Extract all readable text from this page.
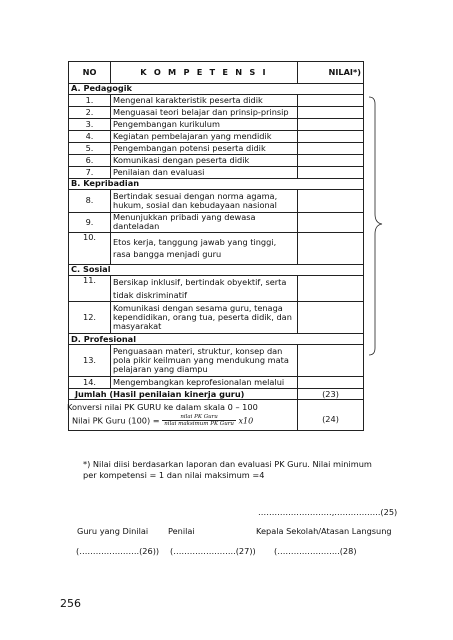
NO	K O M P E T E N S I	NILAI*)
A. Pedagogik		
1.	Mengenal karakteristik peserta didik	
2.	Menguasai teori belajar dan prinsip-prinsip	
3.	Pengembangan kurikulum	
4.	Kegiatan pembelajaran yang mendidik	
5.	Pengembangan potensi peserta didik	
6.	Komunikasi dengan peserta didik	
7.	Penilaian dan evaluasi	
B. Kepribadian		
8.	Bertindak sesuai dengan norma agama, hukum, sosial dan kebudayaan nasional	
9.	Menunjukkan pribadi yang dewasa danteladan	
10.	Etos kerja, tanggung jawab yang tinggi, rasa bangga menjadi guru	
C. Sosial		
11.	Bersikap inklusif, bertindak obyektif, serta tidak diskriminatif	
12.	Komunikasi dengan sesama guru, tenaga kependidikan, orang tua, peserta didik, dan masyarakat	
D. Profesional		
13.	Penguasaan materi, struktur, konsep dan pola pikir keilmuan yang mendukung mata pelajaran yang diampu	
14.	Mengembangkan keprofesionalan melalui	
Jumlah (Hasil penilaian kinerja guru)		(23)

Konversi nilai PK GURU ke dalam skala 0 – 100
Nilai PK Guru $(100) = \frac{\text{nilai PK Guru}}{\text{nilai maksimum PK Guru}} x10$		(24)
*) Nilai diisi berdasarkan laporan dan evaluasi PK Guru. Nilai minimum per kompetensi = 1 dan nilai maksimum =4
………………………,……………..(25)
Guru yang Dinilai Penilai	Kepala Sekolah/Atasan Langsung
(………………….(26)) (…………………..(27)) (…………………..(28)
256
